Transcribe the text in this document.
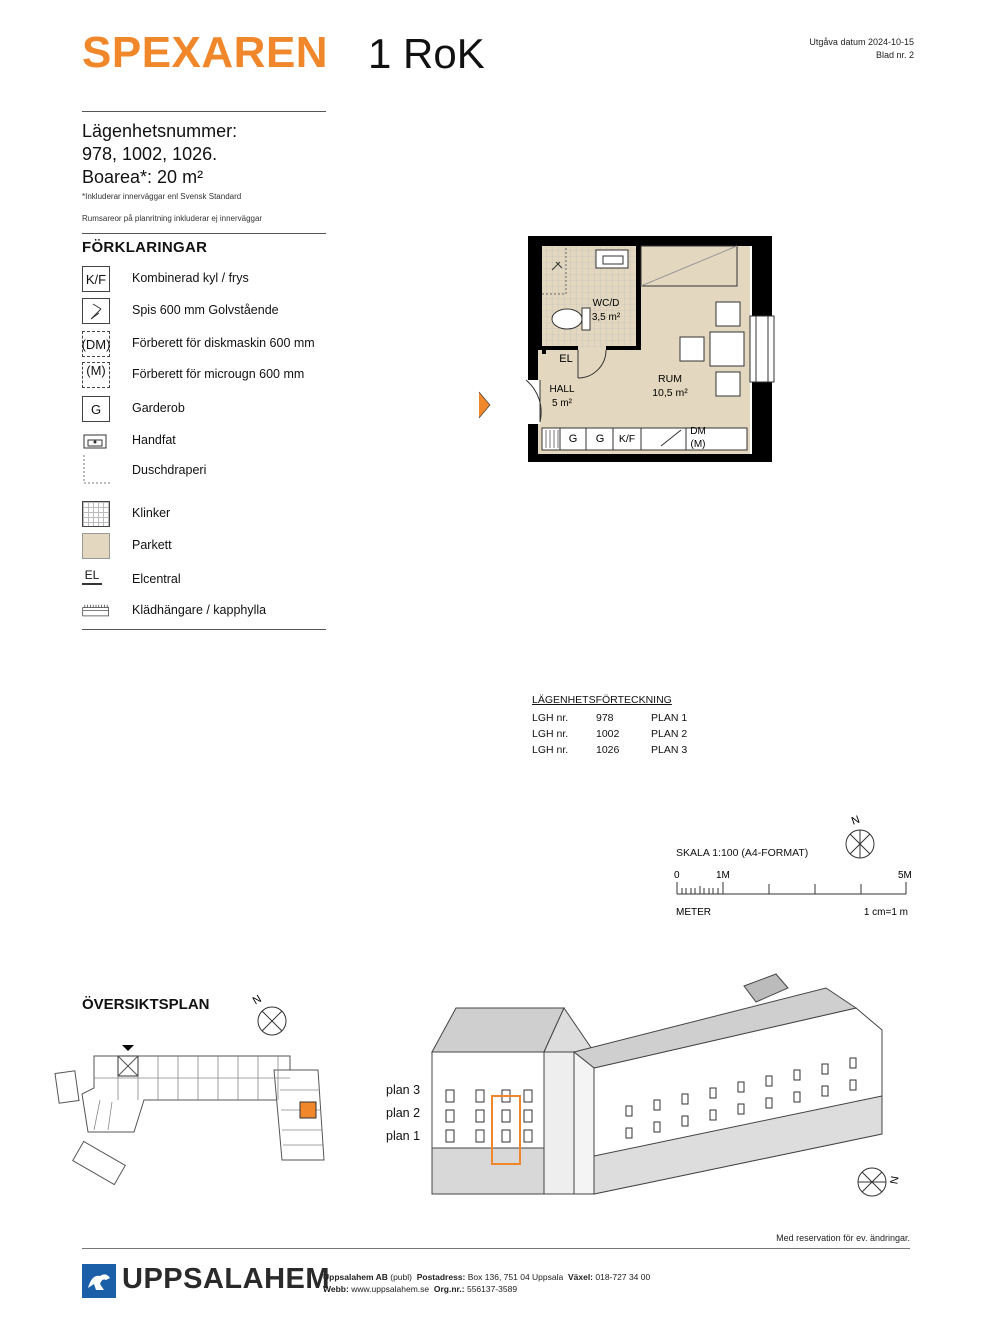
SPEXAREN 1 RoK	Utgåva datum 2024-10-15
Blad nr. 2
Lägenhetsnummer:
978, 1002, 1026.
Boarea*: 20 m²
*Inkluderar innerväggar enl Svensk Standard
Rumsareor på planritning inkluderar ej innerväggar
FÖRKLARINGAR
K/F	Kombinerad kyl / frys
Spis 600 mm Golvstående
(DM) Förberett för diskmaskin 600 mm
(M)	Förberett för microugn 600 mm
G	Garderob
Handfat
Duschdraperi
Klinker
Parkett
EL	Elcentral
Klädhängare / kapphylla
WC/D
3,5 m²
EL
HALL
5 m²
RUM
10,5 m²
G G K/F
DM
(M)
LÄGENHETSFÖRTECKNING
LGH nr.	978	PLAN 1
LGH nr.	1002	PLAN 2
LGH nr.	1026	PLAN 3
SKALA 1:100 (A4-FORMAT)
N
0	1M	5M
METER	1 cm=1 m
ÖVERSIKTSPLAN	N
plan 3
plan 2
plan 1
N
Med reservation för ev. ändringar.
UPPSALAHEM
Uppsalahem AB (publ) Postadress: Box 136, 751 04 Uppsala Växel: 018-727 34 00
Webb: www.uppsalahem.se Org.nr.: 556137-3589
